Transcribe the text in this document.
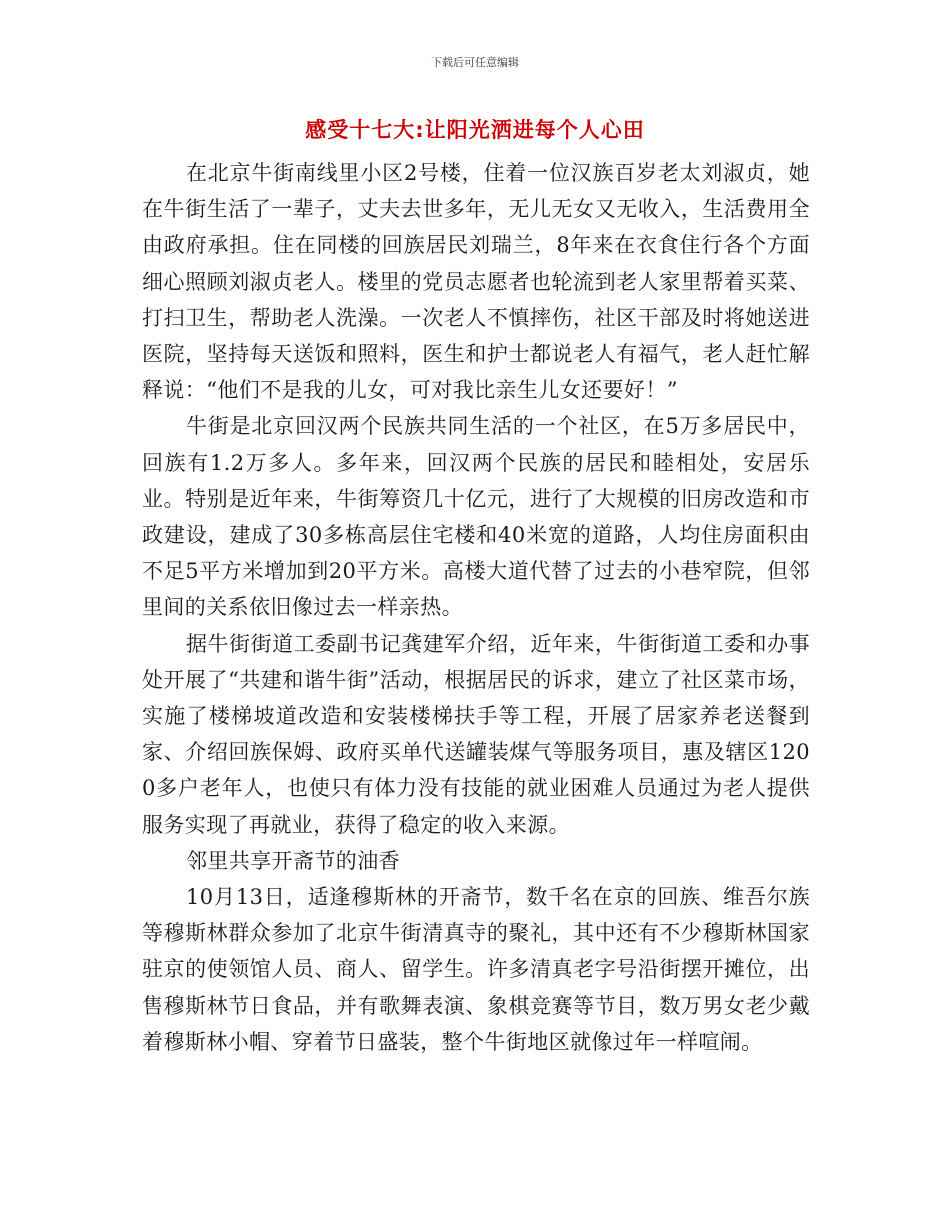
下载后可任意编辑
感受十七大:让阳光洒进每个人心田

在北京牛街南线里小区2号楼，住着一位汉族百岁老太刘淑贞，她在牛街生活了一辈子，丈夫去世多年，无儿无女又无收入，生活费用全由政府承担。住在同楼的回族居民刘瑞兰，8年来在衣食住行各个方面细心照顾刘淑贞老人。楼里的党员志愿者也轮流到老人家里帮着买菜、打扫卫生，帮助老人洗澡。一次老人不慎摔伤，社区干部及时将她送进医院，坚持每天送饭和照料，医生和护士都说老人有福气，老人赶忙解释说：“他们不是我的儿女，可对我比亲生儿女还要好！”

牛街是北京回汉两个民族共同生活的一个社区，在5万多居民中，回族有1.2万多人。多年来，回汉两个民族的居民和睦相处，安居乐业。特别是近年来，牛街筹资几十亿元，进行了大规模的旧房改造和市政建设，建成了30多栋高层住宅楼和40米宽的道路，人均住房面积由不足5平方米增加到20平方米。高楼大道代替了过去的小巷窄院，但邻里间的关系依旧像过去一样亲热。

据牛街街道工委副书记龚建军介绍，近年来，牛街街道工委和办事处开展了“共建和谐牛街”活动，根据居民的诉求，建立了社区菜市场，实施了楼梯坡道改造和安装楼梯扶手等工程，开展了居家养老送餐到家、介绍回族保姆、政府买单代送罐装煤气等服务项目，惠及辖区1200多户老年人，也使只有体力没有技能的就业困难人员通过为老人提供服务实现了再就业，获得了稳定的收入来源。

邻里共享开斋节的油香

10月13日，适逢穆斯林的开斋节，数千名在京的回族、维吾尔族等穆斯林群众参加了北京牛街清真寺的聚礼，其中还有不少穆斯林国家驻京的使领馆人员、商人、留学生。许多清真老字号沿街摆开摊位，出售穆斯林节日食品，并有歌舞表演、象棋竞赛等节目，数万男女老少戴着穆斯林小帽、穿着节日盛装，整个牛街地区就像过年一样喧闹。
